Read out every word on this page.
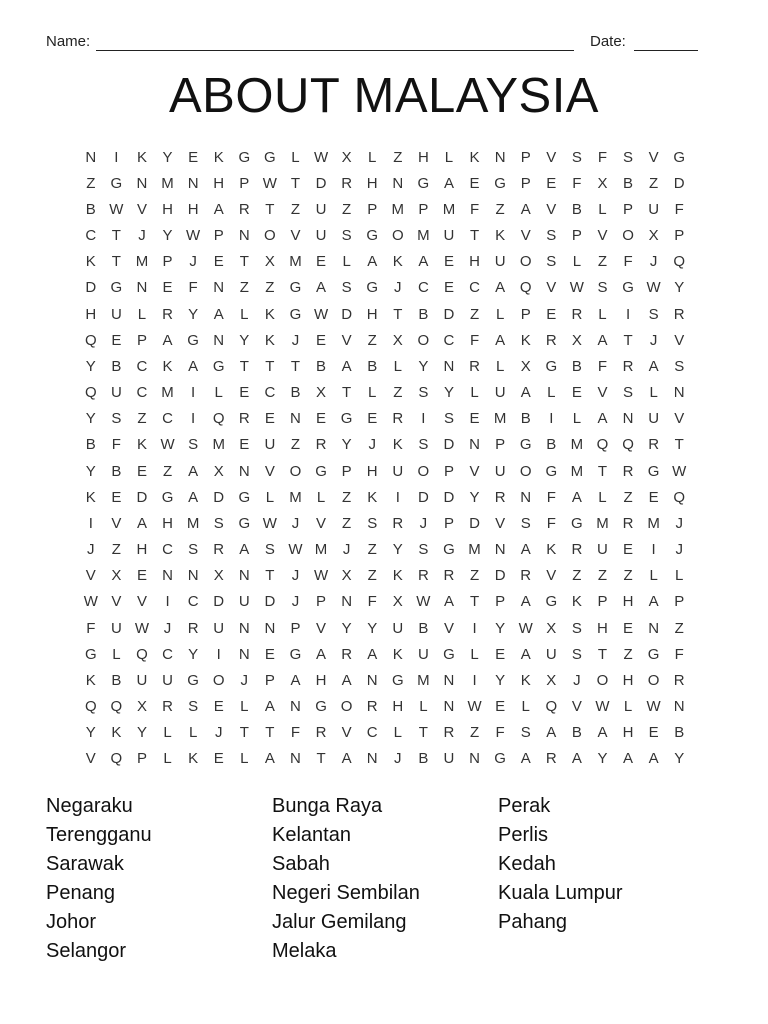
Name:	Date:
ABOUT MALAYSIA
N	I	K	Y	E	K G G	L W X	L	Z	H	L	K	N	P	V	S	F	S	V G
Z	G N M N H	P W T	D R H N G A	E G P	E	F	X	B	Z	D
B W V	H H	A	R	T	Z	U	Z	P M P M F	Z	A	V	B	L	P	U	F
C	T	J	Y W P	N O V	U	S G O M U	T	K	V	S	P	V O X	P
K	T M P	J	E	T	X M E	L	A	K	A	E	H U O S	L	Z	F	J	Q
D G N	E	F	N	Z	Z	G A	S G	J	C	E	C	A Q V W S G W Y
H U	L	R	Y	A	L	K G W D H	T	B	D	Z	L	P	E	R	L	I	S	R
Q E	P	A G N	Y	K	J	E	V	Z	X O C	F	A	K	R	X	A	T	J	V
Y	B	C	K	A G	T	T	T	B	A	B	L	Y	N R	L	X G B	F	R	A	S
Q U C M	I	L	E	C	B	X	T	L	Z	S	Y	L	U	A	L	E	V	S	L	N
Y	S	Z	C	I	Q R	E	N	E G E	R	I	S	E M B	I	L	A	N U	V
B	F	K W S M E	U	Z	R	Y	J	K	S	D N	P G B M Q Q R	T
Y	B	E	Z	A	X	N	V O G P	H U O P	V	U O G M T	R G W
K	E	D G A	D G	L	M	L	Z	K	I	D D	Y	R N	F	A	L	Z	E Q
I	V	A	H M S G W J	V	Z	S	R	J	P	D	V	S	F	G M R M	J
J	Z	H C	S	R	A	S W M	J	Z	Y	S G M N	A	K	R U	E	I	J
V	X	E	N N	X	N	T	J W X	Z	K	R R	Z	D R	V	Z	Z	Z	L	L
W V	V	I	C D U D	J	P	N	F	X W A	T	P	A G K	P	H	A	P
F	U W J	R U N N	P	V	Y	Y	U	B	V	I	Y W X	S	H	E	N	Z
G	L	Q C	Y	I	N	E G A	R	A	K	U G	L	E	A	U	S	T	Z	G	F
K	B	U U G O	J	P	A	H	A	N G M N	I	Y	K	X	J	O H O R
Q Q X	R	S	E	L	A	N G O R H	L	N W E	L	Q V W L W N
Y	K	Y	L	L	J	T	T	F	R	V	C	L	T	R	Z	F	S	A	B	A	H	E	B
V Q P	L	K	E	L	A	N	T	A	N	J	B	U N G A	R	A	Y	A	A	Y
Negaraku
Terengganu
Sarawak
Penang
Johor
Selangor
Bunga Raya
Kelantan
Sabah
Negeri Sembilan
Jalur Gemilang
Melaka
Perak
Perlis
Kedah
Kuala Lumpur
Pahang
